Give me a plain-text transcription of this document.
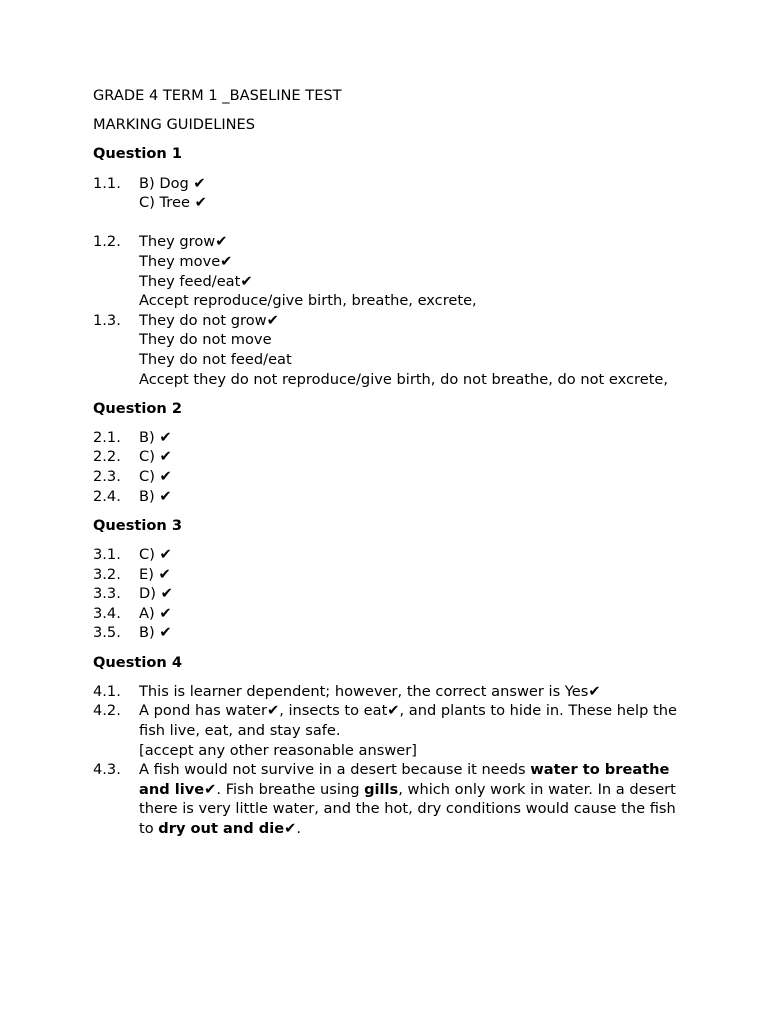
GRADE 4 TERM 1 _BASELINE TEST

MARKING GUIDELINES

Question 1

1.1.	B) Dog ✔
C) Tree ✔
1.2.	They grow✔
They move✔
They feed/eat✔
Accept reproduce/give birth, breathe, excrete,
1.3.	They do not grow✔
They do not move
They do not feed/eat
Accept they do not reproduce/give birth, do not breathe, do not excrete,

Question 2

2.1.	B) ✔
2.2.	C) ✔
2.3.	C) ✔
2.4.	B) ✔

Question 3

3.1.	C) ✔
3.2.	E) ✔
3.3.	D) ✔
3.4.	A) ✔
3.5.	B) ✔

Question 4

4.1.	This is learner dependent; however, the correct answer is Yes✔
4.2.	A pond has water✔, insects to eat✔, and plants to hide in. These help the fish live, eat, and stay safe.
[accept any other reasonable answer]
4.3.	A fish would not survive in a desert because it needs water to breathe and live✔. Fish breathe using gills, which only work in water. In a desert there is very little water, and the hot, dry conditions would cause the fish to dry out and die✔.
